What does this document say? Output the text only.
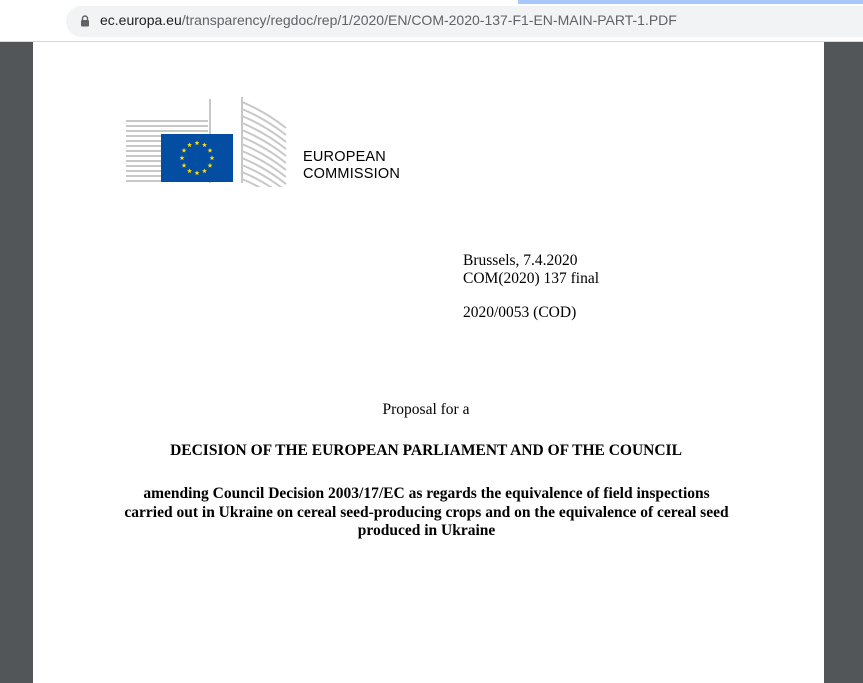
ec.europa.eu/transparency/regdoc/rep/1/2020/EN/COM-2020-137-F1-EN-MAIN-PART-1.PDF
EUROPEAN
COMMISSION
Brussels, 7.4.2020
COM(2020) 137 final
2020/0053 (COD)
Proposal for a
DECISION OF THE EUROPEAN PARLIAMENT AND OF THE COUNCIL
amending Council Decision 2003/17/EC as regards the equivalence of field inspections carried out in Ukraine on cereal seed-producing crops and on the equivalence of cereal seed produced in Ukraine
